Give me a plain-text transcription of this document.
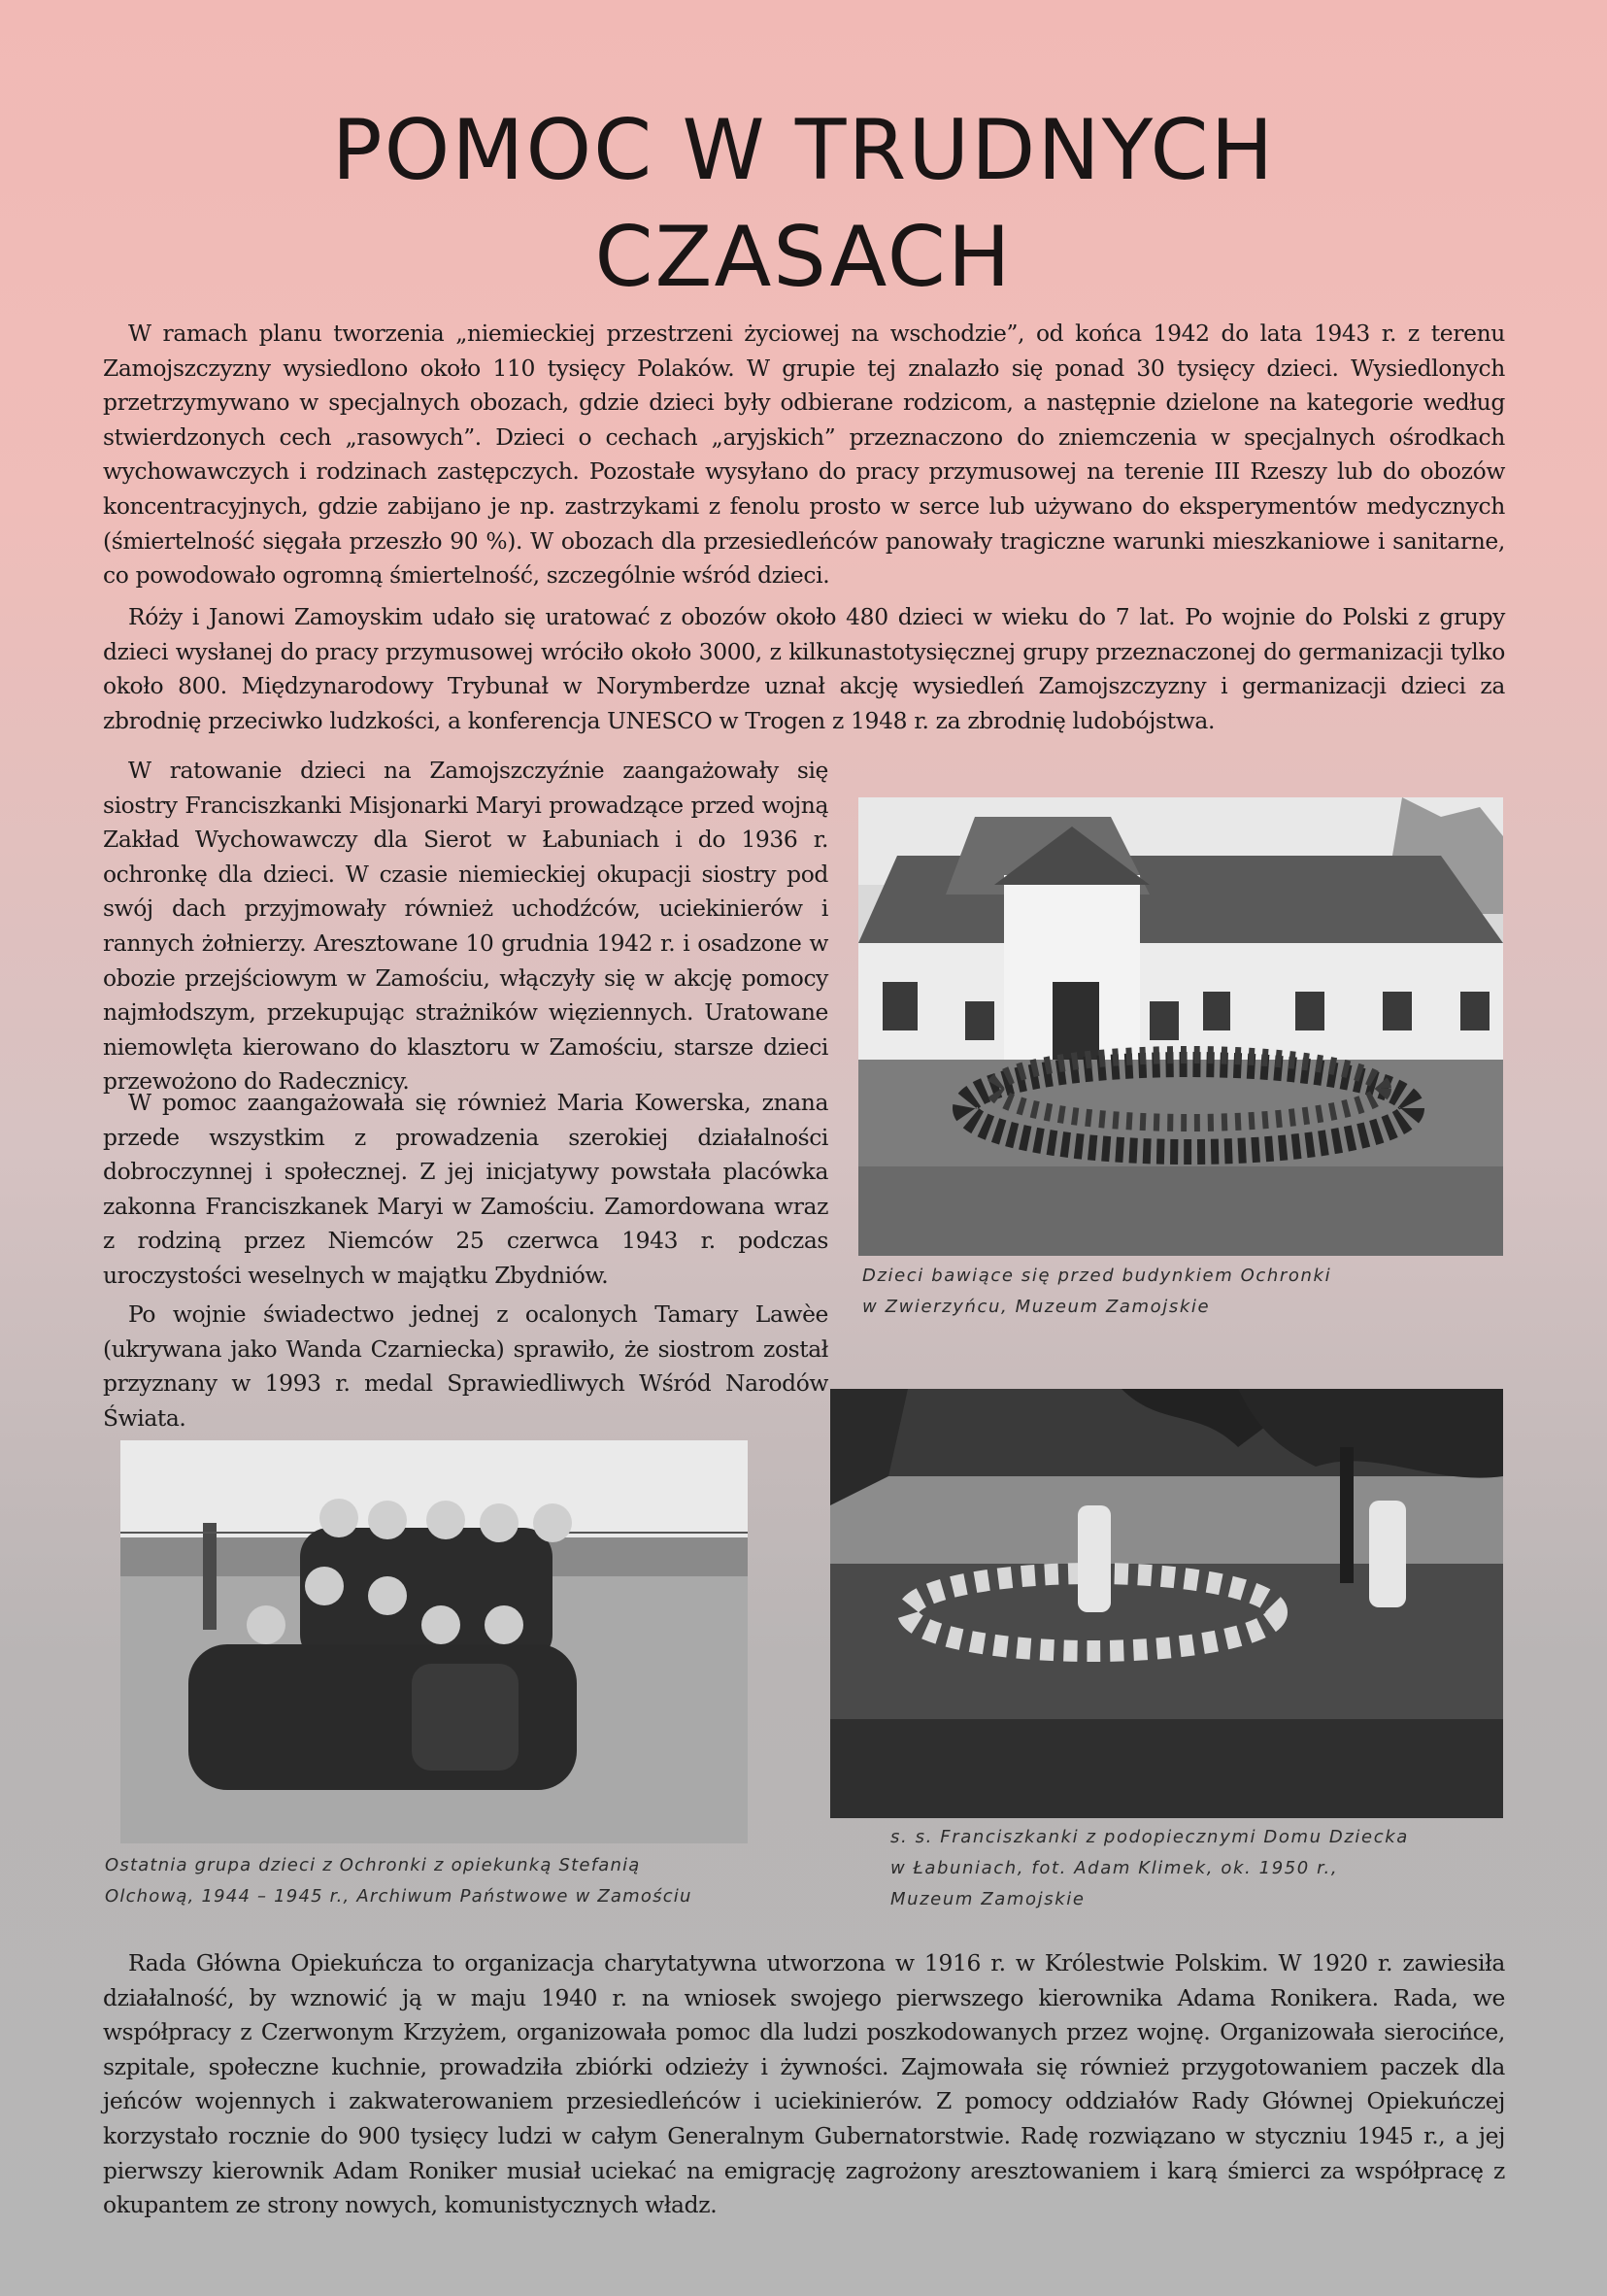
POMOC W TRUDNYCH
CZASACH

W ramach planu tworzenia „niemieckiej przestrzeni życiowej na wschodzie”, od końca 1942 do lata 1943 r. z terenu Zamojszczyzny wysiedlono około 110 tysięcy Polaków. W grupie tej znalazło się ponad 30 tysięcy dzieci. Wysiedlonych przetrzymywano w specjalnych obozach, gdzie dzieci były odbierane rodzicom, a następnie dzielone na kategorie według stwierdzonych cech „rasowych”. Dzieci o cechach „aryjskich” przeznaczono do zniemczenia w specjalnych ośrodkach wychowawczych i rodzinach zastępczych. Pozostałe wysyłano do pracy przymusowej na terenie III Rzeszy lub do obozów koncentracyjnych, gdzie zabijano je np. zastrzykami z fenolu prosto w serce lub używano do eksperymentów medycznych (śmiertelność sięgała przeszło 90 %). W obozach dla przesiedleńców panowały tragiczne warunki mieszkaniowe i sanitarne, co powodowało ogromną śmiertelność, szczególnie wśród dzieci.

Róży i Janowi Zamoyskim udało się uratować z obozów około 480 dzieci w wieku do 7 lat. Po wojnie do Polski z grupy dzieci wysłanej do pracy przymusowej wróciło około 3000, z kilkunastotysięcznej grupy przeznaczonej do germanizacji tylko około 800. Międzynarodowy Trybunał w Norymberdze uznał akcję wysiedleń Zamojszczyzny i germanizacji dzieci za zbrodnię przeciwko ludzkości, a konferencja UNESCO w Trogen z 1948 r. za zbrodnię ludobójstwa.

W ratowanie dzieci na Zamojszczyźnie zaangażowały się siostry Franciszkanki Misjonarki Maryi prowadzące przed wojną Zakład Wychowawczy dla Sierot w Łabuniach i do 1936 r. ochronkę dla dzieci. W czasie niemieckiej okupacji siostry pod swój dach przyjmowały również uchodźców, uciekinierów i rannych żołnierzy. Aresztowane 10 grudnia 1942 r. i osadzone w obozie przejściowym w Zamościu, włączyły się w akcję pomocy najmłodszym, przekupując strażników więziennych. Uratowane niemowlęta kierowano do klasztoru w Zamościu, starsze dzieci przewożono do Radecznicy.

W pomoc zaangażowała się również Maria Kowerska, znana przede wszystkim z prowadzenia szerokiej działalności dobroczynnej i społecznej. Z jej inicjatywy powstała placówka zakonna Franciszkanek Maryi w Zamościu. Zamordowana wraz z rodziną przez Niemców 25 czerwca 1943 r. podczas uroczystości weselnych w majątku Zbydniów.

Po wojnie świadectwo jednej z ocalonych Tamary Lawèe (ukrywana jako Wanda Czarniecka) sprawiło, że siostrom został przyznany w 1993 r. medal Sprawiedliwych Wśród Narodów Świata.

Dzieci bawiące się przed budynkiem Ochronki
w Zwierzyńcu, Muzeum Zamojskie

s. s. Franciszkanki z podopiecznymi Domu Dziecka
w Łabuniach, fot. Adam Klimek, ok. 1950 r.,
Muzeum Zamojskie

Ostatnia grupa dzieci z Ochronki z opiekunką Stefanią
Olchową, 1944 – 1945 r., Archiwum Państwowe w Zamościu

Rada Główna Opiekuńcza to organizacja charytatywna utworzona w 1916 r. w Królestwie Polskim. W 1920 r. zawiesiła działalność, by wznowić ją w maju 1940 r. na wniosek swojego pierwszego kierownika Adama Ronikera. Rada, we współpracy z Czerwonym Krzyżem, organizowała pomoc dla ludzi poszkodowanych przez wojnę. Organizowała sierocińce, szpitale, społeczne kuchnie, prowadziła zbiórki odzieży i żywności. Zajmowała się również przygotowaniem paczek dla jeńców wojennych i zakwaterowaniem przesiedleńców i uciekinierów. Z pomocy oddziałów Rady Głównej Opiekuńczej korzystało rocznie do 900 tysięcy ludzi w całym Generalnym Gubernatorstwie. Radę rozwiązano w styczniu 1945 r., a jej pierwszy kierownik Adam Roniker musiał uciekać na emigrację zagrożony aresztowaniem i karą śmierci za współpracę z okupantem ze strony nowych, komunistycznych władz.
